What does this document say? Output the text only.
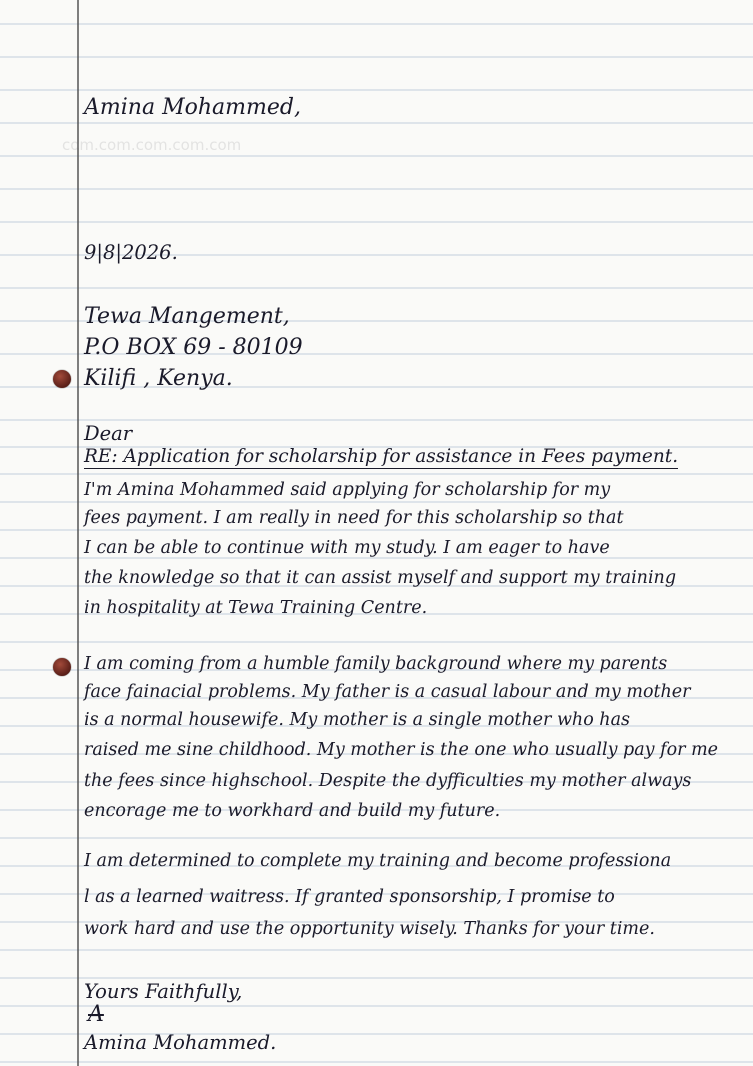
com.com.com.com.com
Amina Mohammed,
9|8|2026.
Tewa Mangement,
P.O BOX 69 - 80109
Kilifi , Kenya.
Dear
RE: Application for scholarship for assistance in Fees payment.
I'm Amina Mohammed said applying for scholarship for my
fees payment. I am really in need for this scholarship so that
I can be able to continue with my study. I am eager to have
the knowledge so that it can assist myself and support my training
in hospitality at Tewa Training Centre.
I am coming from a humble family background where my parents
face fainacial problems. My father is a casual labour and my mother
is a normal housewife. My mother is a single mother who has
raised me sine childhood. My mother is the one who usually pay for me
the fees since highschool. Despite the dyfficulties my mother always
encorage me to workhard and build my future.
I am determined to complete my training and become professiona
l as a learned waitress. If granted sponsorship, I promise to
work hard and use the opportunity wisely. Thanks for your time.
Yours Faithfully,
A
Amina Mohammed.
